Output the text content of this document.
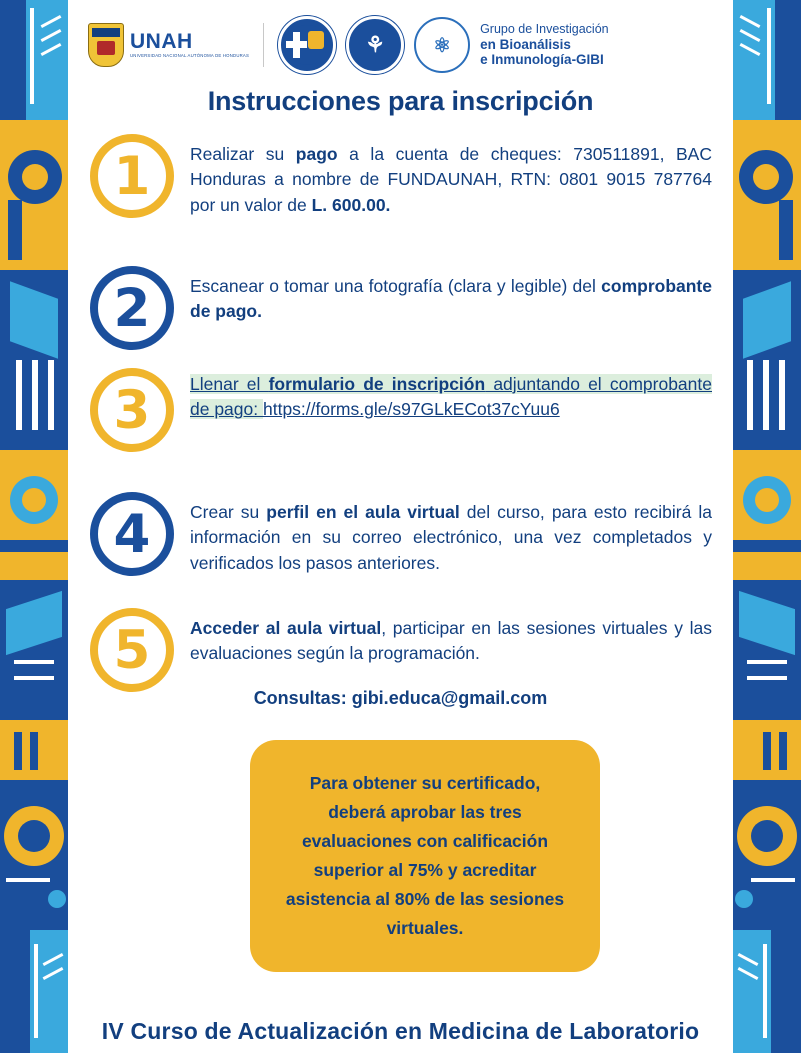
UNAH
UNIVERSIDAD NACIONAL AUTÓNOMA DE HONDURAS	⚘ ⚛
Grupo de Investigación
en Bioanálisis
e Inmunología-GIBI
Instrucciones para inscripción
1	Realizar su pago a la cuenta de cheques: 730511891, BAC Honduras a nombre de FUNDAUNAH, RTN: 0801 9015 787764 por un valor de L. 600.00.
2	Escanear o tomar una fotografía (clara y legible) del comprobante de pago.
3	Llenar el formulario de inscripción adjuntando el comprobante de pago: https://forms.gle/s97GLkECot37cYuu6
4	Crear su perfil en el aula virtual del curso, para esto recibirá la información en su correo electrónico, una vez completados y verificados los pasos anteriores.
5	Acceder al aula virtual, participar en las sesiones virtuales y las evaluaciones según la programación.
Consultas: gibi.educa@gmail.com
Para obtener su certificado, deberá aprobar las tres evaluaciones con calificación superior al 75% y acreditar asistencia al 80% de las sesiones virtuales.
IV Curso de Actualización en Medicina de Laboratorio
